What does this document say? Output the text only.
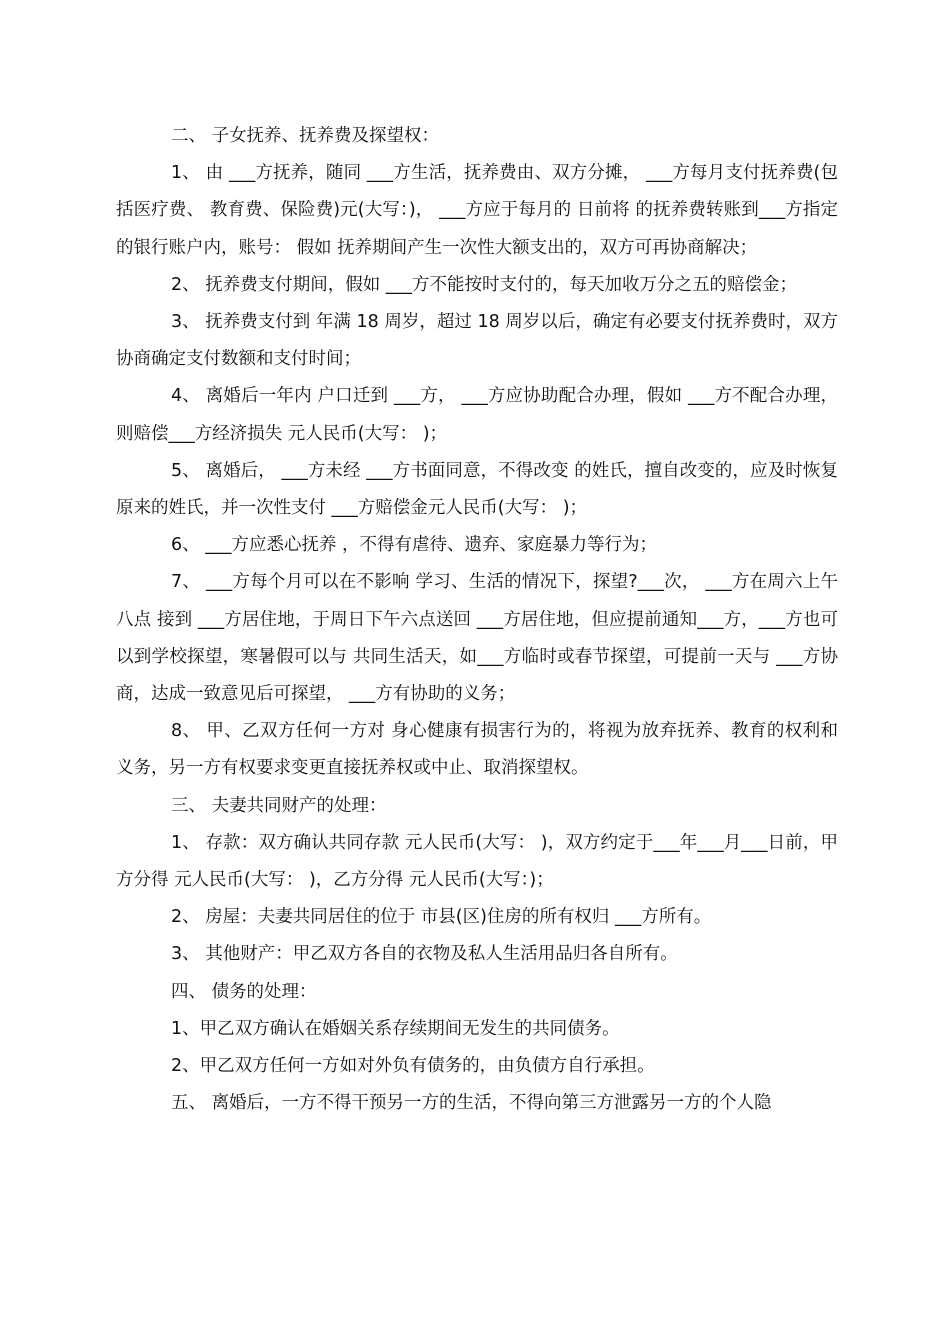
二、 子女抚养、抚养费及探望权：

1、 由 ___方抚养，随同 ___方生活，抚养费由、双方分摊， ___方每月支付抚养费(包括医疗费、 教育费、保险费)元(大写：)， ___方应于每月的 日前将 的抚养费转账到___方指定的银行账户内，账号： 假如 抚养期间产生一次性大额支出的，双方可再协商解决；

2、 抚养费支付期间，假如 ___方不能按时支付的，每天加收万分之五的赔偿金；

3、 抚养费支付到 年满 18 周岁，超过 18 周岁以后，确定有必要支付抚养费时，双方协商确定支付数额和支付时间；

4、 离婚后一年内 户口迁到 ___方， ___方应协助配合办理，假如 ___方不配合办理，则赔偿___方经济损失 元人民币(大写： )；

5、 离婚后， ___方未经 ___方书面同意，不得改变 的姓氏，擅自改变的，应及时恢复原来的姓氏，并一次性支付 ___方赔偿金元人民币(大写： )；

6、 ___方应悉心抚养 ，不得有虐待、遗弃、家庭暴力等行为；

7、 ___方每个月可以在不影响 学习、生活的情况下，探望?___次， ___方在周六上午八点 接到 ___方居住地，于周日下午六点送回 ___方居住地，但应提前通知___方，___方也可以到学校探望，寒暑假可以与 共同生活天，如___方临时或春节探望，可提前一天与 ___方协商，达成一致意见后可探望， ___方有协助的义务；

8、 甲、乙双方任何一方对 身心健康有损害行为的，将视为放弃抚养、教育的权利和义务，另一方有权要求变更直接抚养权或中止、取消探望权。

三、 夫妻共同财产的处理：

1、 存款：双方确认共同存款 元人民币(大写： )，双方约定于___年___月___日前，甲方分得 元人民币(大写： )，乙方分得 元人民币(大写：)；

2、 房屋：夫妻共同居住的位于 市县(区)住房的所有权归 ___方所有。

3、 其他财产：甲乙双方各自的衣物及私人生活用品归各自所有。

四、 债务的处理：

1、甲乙双方确认在婚姻关系存续期间无发生的共同债务。

2、甲乙双方任何一方如对外负有债务的，由负债方自行承担。

五、 离婚后，一方不得干预另一方的生活，不得向第三方泄露另一方的个人隐
